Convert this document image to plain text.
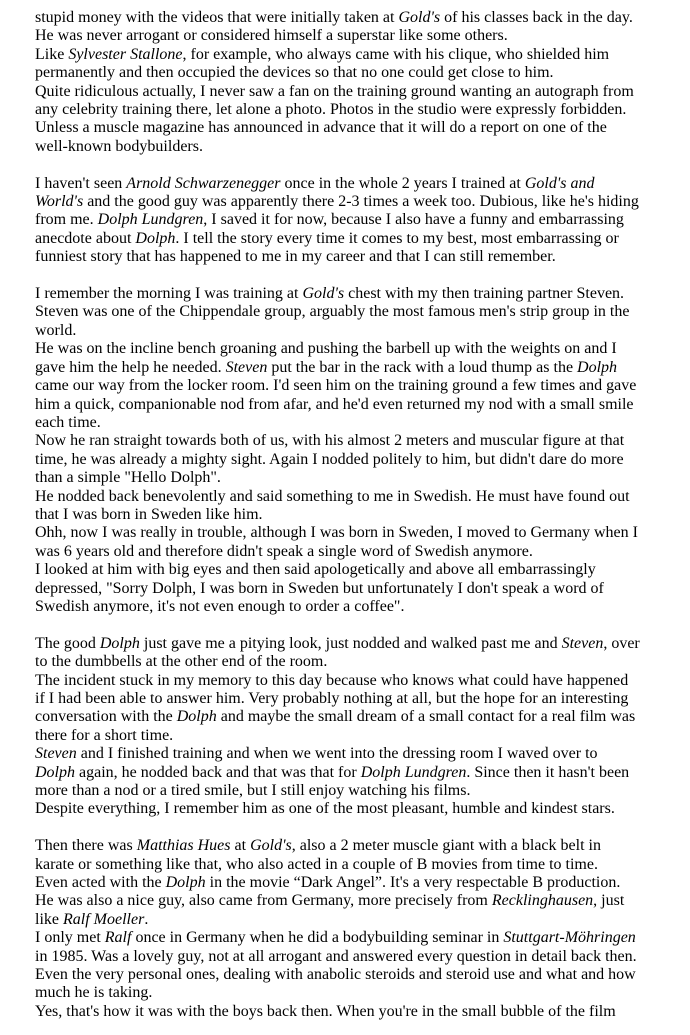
stupid money with the videos that were initially taken at Gold's of his classes back in the day.
He was never arrogant or considered himself a superstar like some others.
Like Sylvester Stallone, for example, who always came with his clique, who shielded him
permanently and then occupied the devices so that no one could get close to him.
Quite ridiculous actually, I never saw a fan on the training ground wanting an autograph from
any celebrity training there, let alone a photo. Photos in the studio were expressly forbidden.
Unless a muscle magazine has announced in advance that it will do a report on one of the
well-known bodybuilders.
I haven't seen Arnold Schwarzenegger once in the whole 2 years I trained at Gold's and
World's and the good guy was apparently there 2-3 times a week too. Dubious, like he's hiding
from me. Dolph Lundgren, I saved it for now, because I also have a funny and embarrassing
anecdote about Dolph. I tell the story every time it comes to my best, most embarrassing or
funniest story that has happened to me in my career and that I can still remember.
I remember the morning I was training at Gold's chest with my then training partner Steven.
Steven was one of the Chippendale group, arguably the most famous men's strip group in the
world.
He was on the incline bench groaning and pushing the barbell up with the weights on and I
gave him the help he needed. Steven put the bar in the rack with a loud thump as the Dolph
came our way from the locker room. I'd seen him on the training ground a few times and gave
him a quick, companionable nod from afar, and he'd even returned my nod with a small smile
each time.
Now he ran straight towards both of us, with his almost 2 meters and muscular figure at that
time, he was already a mighty sight. Again I nodded politely to him, but didn't dare do more
than a simple "Hello Dolph".
He nodded back benevolently and said something to me in Swedish. He must have found out
that I was born in Sweden like him.
Ohh, now I was really in trouble, although I was born in Sweden, I moved to Germany when I
was 6 years old and therefore didn't speak a single word of Swedish anymore.
I looked at him with big eyes and then said apologetically and above all embarrassingly
depressed, "Sorry Dolph, I was born in Sweden but unfortunately I don't speak a word of
Swedish anymore, it's not even enough to order a coffee".
The good Dolph just gave me a pitying look, just nodded and walked past me and Steven, over
to the dumbbells at the other end of the room.
The incident stuck in my memory to this day because who knows what could have happened
if I had been able to answer him. Very probably nothing at all, but the hope for an interesting
conversation with the Dolph and maybe the small dream of a small contact for a real film was
there for a short time.
Steven and I finished training and when we went into the dressing room I waved over to
Dolph again, he nodded back and that was that for Dolph Lundgren. Since then it hasn't been
more than a nod or a tired smile, but I still enjoy watching his films.
Despite everything, I remember him as one of the most pleasant, humble and kindest stars.
Then there was Matthias Hues at Gold's, also a 2 meter muscle giant with a black belt in
karate or something like that, who also acted in a couple of B movies from time to time.
Even acted with the Dolph in the movie “Dark Angel”. It's a very respectable B production.
He was also a nice guy, also came from Germany, more precisely from Recklinghausen, just
like Ralf Moeller.
I only met Ralf once in Germany when he did a bodybuilding seminar in Stuttgart-Möhringen
in 1985. Was a lovely guy, not at all arrogant and answered every question in detail back then.
Even the very personal ones, dealing with anabolic steroids and steroid use and what and how
much he is taking.
Yes, that's how it was with the boys back then. When you're in the small bubble of the film
